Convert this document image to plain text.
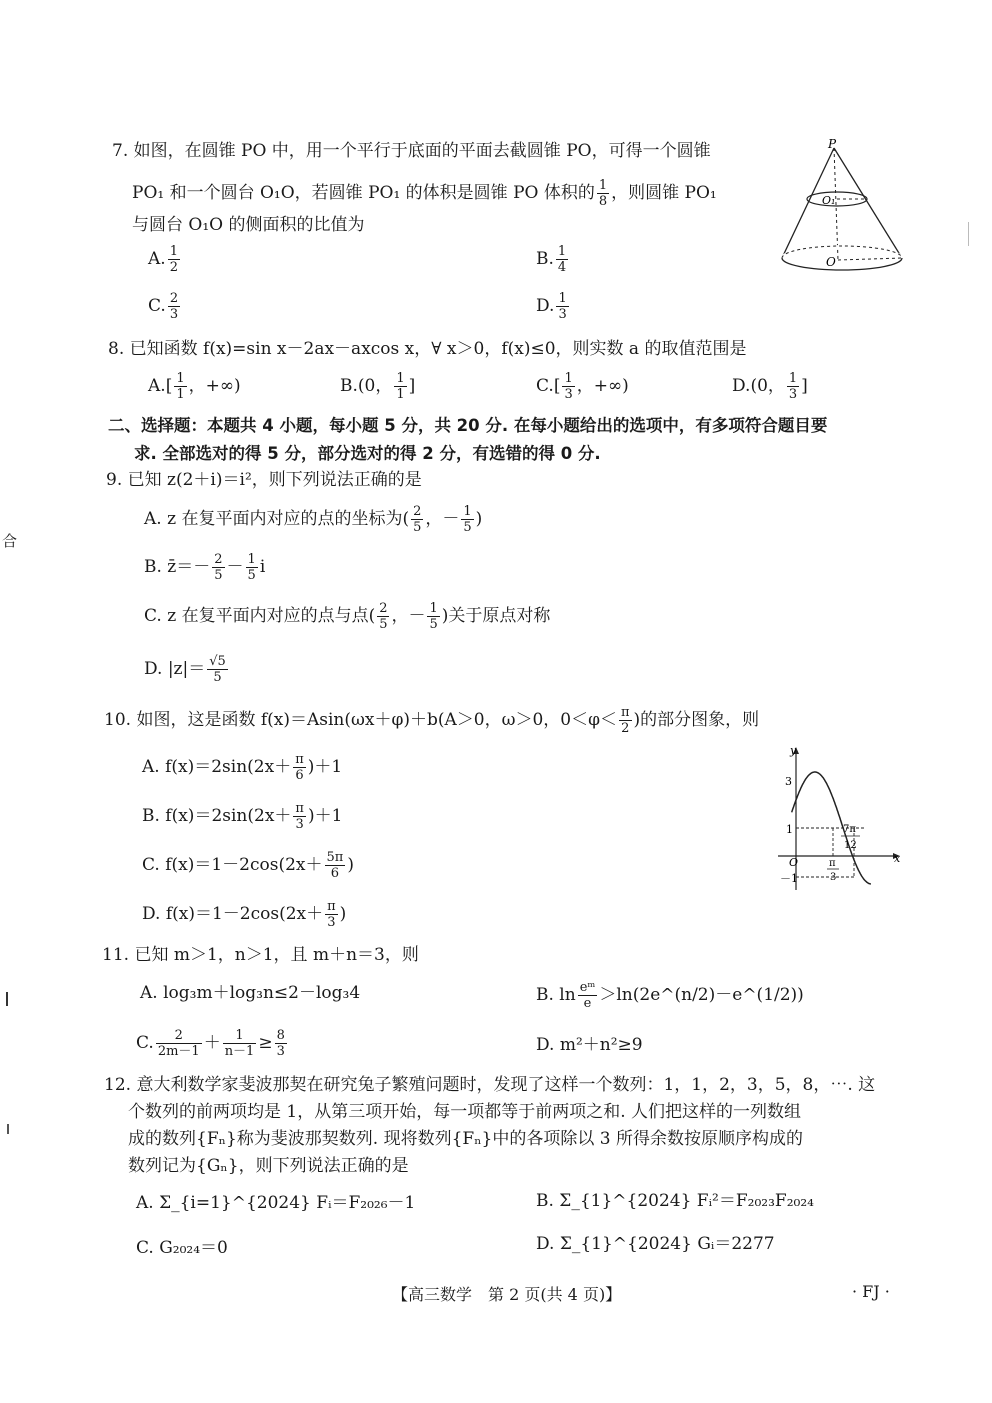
7. 如图，在圆锥 PO 中，用一个平行于底面的平面去截圆锥 PO，可得一个圆锥
PO₁ 和一个圆台 O₁O，若圆锥 PO₁ 的体积是圆锥 PO 体积的 $\frac{1}{8}$ ，则圆锥 PO₁
与圆台 O₁O 的侧面积的比值为
A. $\frac{1}{2}$	B. $\frac{1}{4}$
C. $\frac{2}{3}$	D. $\frac{1}{3}$
P
O₁
O
8. 已知函数 f(x)=sin x－2ax－axcos x，∀ x＞0，f(x)≤0，则实数 a 的取值范围是
$A.[ \frac{1}{1}$ ，+∞)	B.(0， $\frac{1}{1}$ ]	$C.[ \frac{1}{3}$ ，+∞)	D.(0， $\frac{1}{3}$ ]
二、选择题：本题共 4 小题，每小题 5 分，共 20 分. 在每小题给出的选项中，有多项符合题目要
求. 全部选对的得 5 分，部分选对的得 2 分，有选错的得 0 分.
9. 已知 z(2＋i)＝i²，则下列说法正确的是
A. z 在复平面内对应的点的坐标为( $\frac{2}{5}$ ，－ $\frac{1}{5}$ )
B. z̄＝－ $\frac{2}{5} - \frac{1}{5}$ i
C. z 在复平面内对应的点与点( $\frac{2}{5}$ ，－ $\frac{1}{5}$ )关于原点对称
D. $|z|= \frac{√5}{5}$
10. 如图，这是函数 f(x)＝Asin(ωx＋φ)＋b(A＞0，ω＞0，$0<\varphi< \frac{\pi}{2}$ )的部分图象，则
A. $f(x)=2\sin(2x+ \frac{\pi}{6} )+1$
B. $f(x)=2\sin(2x+ \frac{\pi}{3} )+1$
C. $f(x)=1-2\cos(2x+ \frac{5\pi}{6}$ )
D. $f(x)=1-2\cos(2x+ \frac{\pi}{3}$ )
y
x
3
1
－1
O	π
3
7π
12
11. 已知 m＞1，n＞1，且 m＋n＝3，则
A. log₃m＋log₃n≤2－log₃4	B. $\ln \frac{\text{eᵐ}}{e}$ ＞ln(2e^(n/2)－e^(1/2))
C. $\frac{2}{2m-1} + \frac{1}{n-1} \ge \frac{8}{3}$	D. m²＋n²≥9
12. 意大利数学家斐波那契在研究兔子繁殖问题时，发现了这样一个数列：1，1，2，3，5，8，⋯. 这
个数列的前两项均是 1，从第三项开始，每一项都等于前两项之和. 人们把这样的一列数组
成的数列{Fₙ}称为斐波那契数列. 现将数列{Fₙ}中的各项除以 3 所得余数按原顺序构成的
数列记为{Gₙ}，则下列说法正确的是
A. Σ_{i=1}^{2024} Fᵢ＝F₂₀₂₆－1	B. Σ_{1}^{2024} Fᵢ²＝F₂₀₂₃F₂₀₂₄
C. G₂₀₂₄＝0	D. Σ_{1}^{2024} Gᵢ＝2277
合
【高三数学　第 2 页(共 4 页)】	· FJ ·
